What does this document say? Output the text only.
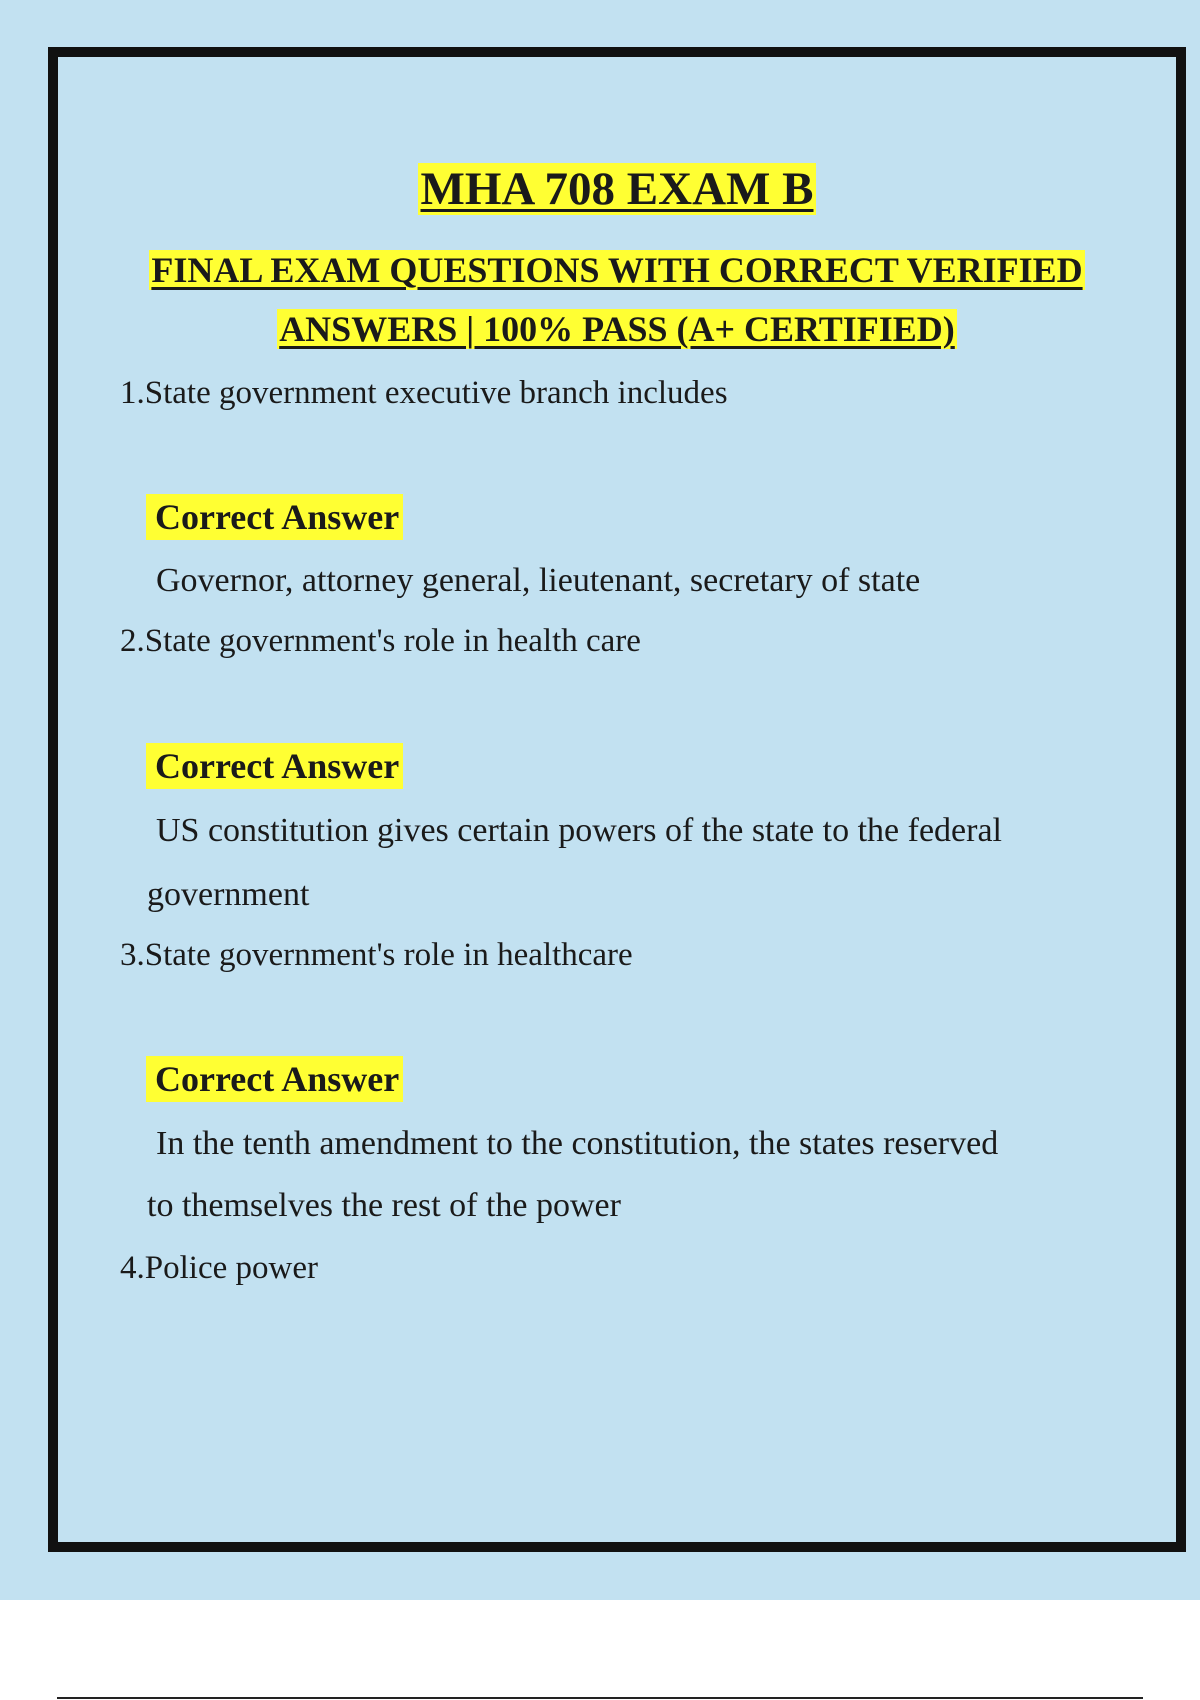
MHA 708 EXAM B
FINAL EXAM QUESTIONS WITH CORRECT VERIFIED
ANSWERS | 100% PASS (A+ CERTIFIED)
1.State government executive branch includes
Correct Answer
Governor, attorney general, lieutenant, secretary of state
2.State government's role in health care
Correct Answer
US constitution gives certain powers of the state to the federal
government
3.State government's role in healthcare
Correct Answer
In the tenth amendment to the constitution, the states reserved
to themselves the rest of the power
4.Police power
